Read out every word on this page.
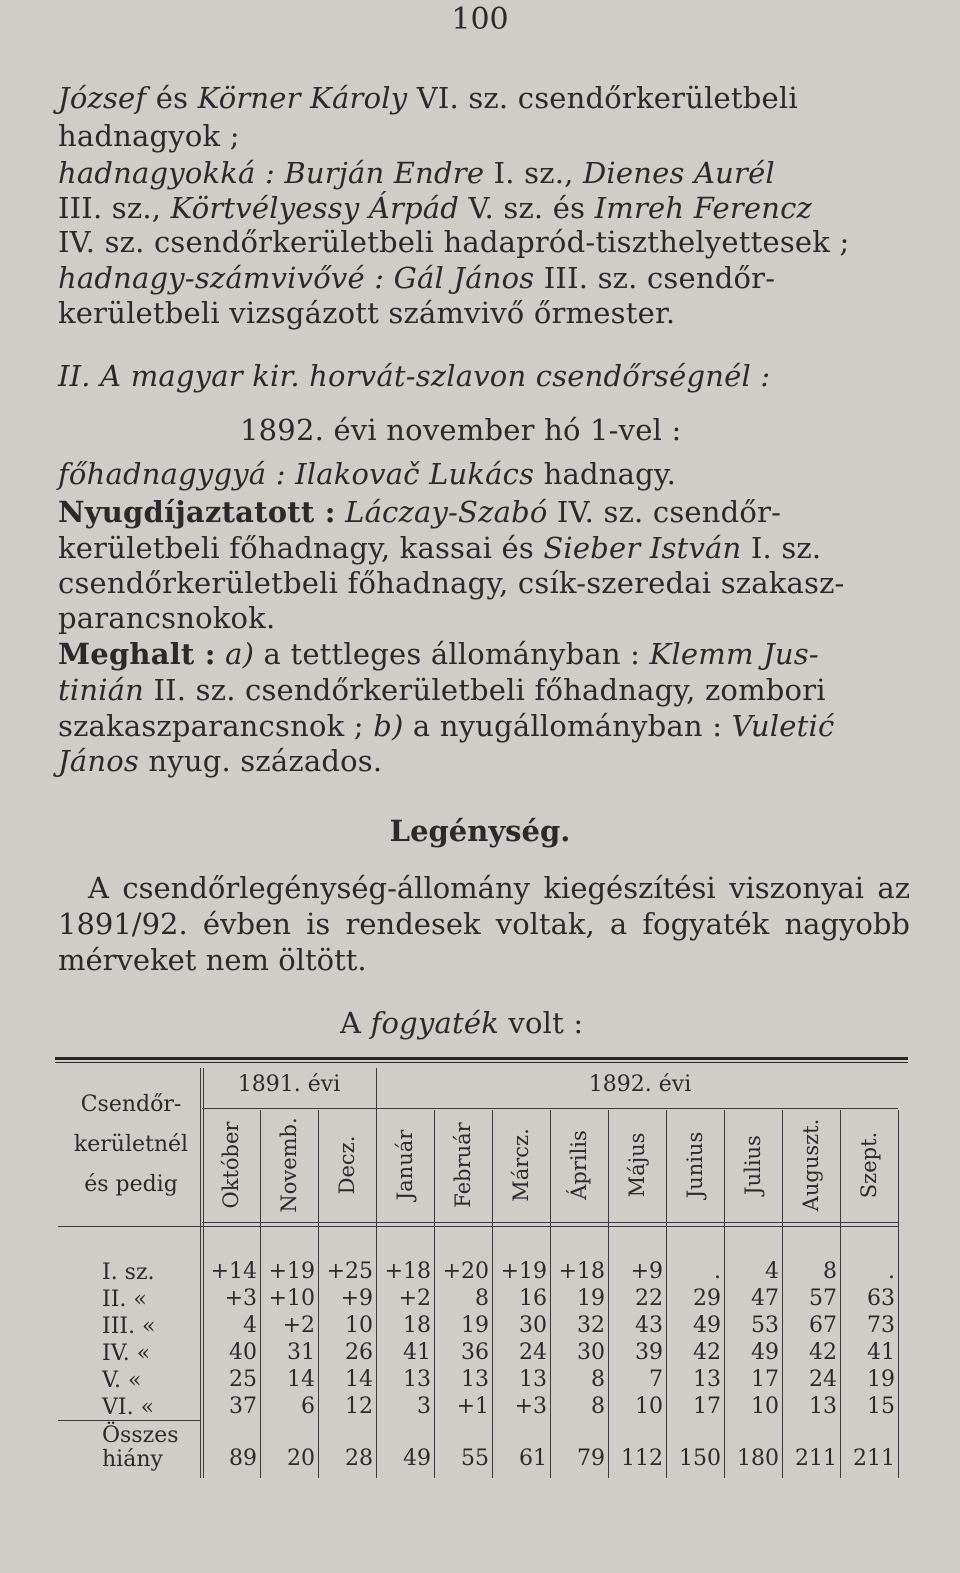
100
József és Körner Károly VI. sz. csendőrkerületbeli
hadnagyok ;
hadnagyokká : Burján Endre I. sz., Dienes Aurél
III. sz., Körtvélyessy Árpád V. sz. és Imreh Ferencz
IV. sz. csendőrkerületbeli hadapród-tiszthelyettesek ;
hadnagy-számvivővé : Gál János III. sz. csendőr-
kerületbeli vizsgázott számvivő őrmester.
II. A magyar kir. horvát-szlavon csendőrségnél :
1892. évi november hó 1-vel :
főhadnagygyá : Ilakovač Lukács hadnagy.
Nyugdíjaztatott : Láczay-Szabó IV. sz. csendőr-
kerületbeli főhadnagy, kassai és Sieber István I. sz.
csendőrkerületbeli főhadnagy, csík-szeredai szakasz-
parancsnokok.
Meghalt : a) a tettleges állományban : Klemm Jus-
tinián II. sz. csendőrkerületbeli főhadnagy, zombori
szakaszparancsnok ; b) a nyugállományban : Vuletić
János nyug. százados.
Legénység.
A csendőrlegénység-állomány kiegészítési viszonyai az 1891/92. évben is rendesek voltak, a fogyaték nagyobb mérveket nem öltött.
A fogyaték volt :
Csendőr-
kerületnél
és pedig
1891. évi	1892. évi
Október Novemb. Decz. Január Február Márcz. Április Május Junius Julius Auguszt. Szept.
I. sz.	+14 +19 +25 +18 +20 +19 +18	+9	.	4	8	.
II. «	+3 +10	+9	+2	8	16	19	22	29	47	57	63
III. «	4	+2	10	18	19	30	32	43	49	53	67	73
IV. «	40	31	26	41	36	24	30	39	42	49	42	41
V. «	25	14	14	13	13	13	8	7	13	17	24	19
VI. «	37	6	12	3	+1	+3	8	10	17	10	13	15
Összes
hiány	89	20	28	49	55	61	79 112 150 180 211 211
